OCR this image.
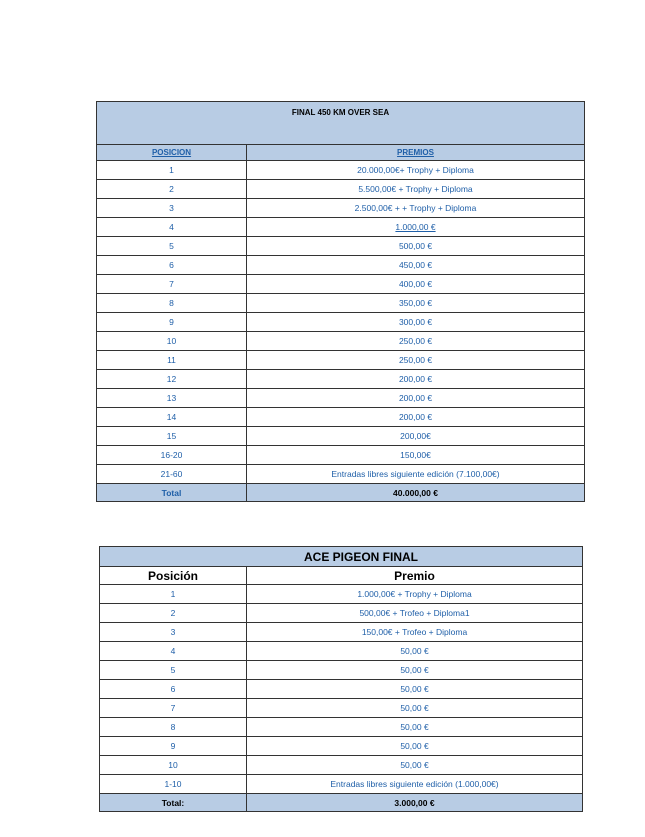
FINAL 450 KM OVER SEA	
POSICION	PREMIOS
1	20.000,00€+ Trophy + Diploma
2	5.500,00€ + Trophy + Diploma
3	2.500,00€ + + Trophy + Diploma
4	1.000,00 €
5	500,00 €
6	450,00 €
7	400,00 €
8	350,00 €
9	300,00 €
10	250,00 €
11	250,00 €
12	200,00 €
13	200,00 €
14	200,00 €
15	200,00€
16-20	150,00€
21-60	Entradas libres siguiente edición (7.100,00€)
Total	40.000,00 €
ACE PIGEON FINAL	
Posición	Premio
1	1.000,00€ + Trophy + Diploma
2	500,00€ + Trofeo + Diploma1
3	150,00€ + Trofeo + Diploma
4	50,00 €
5	50,00 €
6	50,00 €
7	50,00 €
8	50,00 €
9	50,00 €
10	50,00 €
1-10	Entradas libres siguiente edición (1.000,00€)
Total:	3.000,00 €
